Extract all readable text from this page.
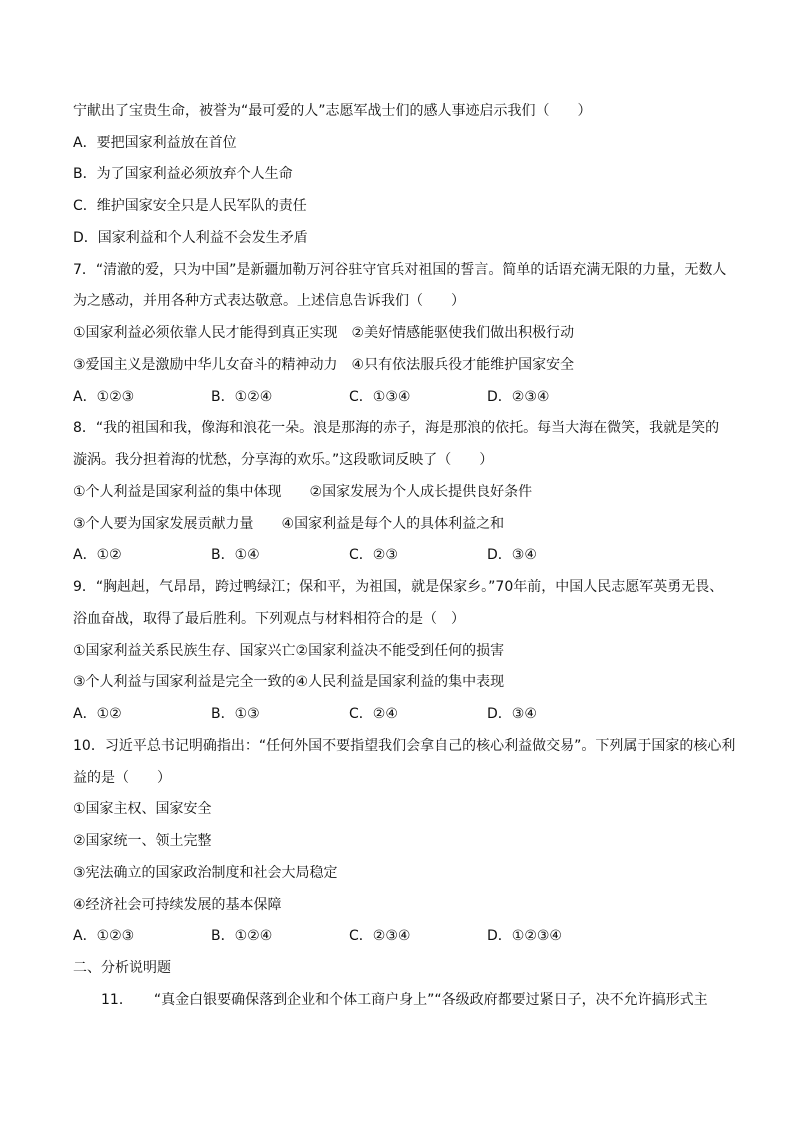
宁献出了宝贵生命，被誉为“最可爱的人”志愿军战士们的感人事迹启示我们（　　）
A．要把国家利益放在首位
B．为了国家利益必须放弃个人生命
C．维护国家安全只是人民军队的责任
D．国家利益和个人利益不会发生矛盾
7．“清澈的爱，只为中国”是新疆加勒万河谷驻守官兵对祖国的誓言。简单的话语充满无限的力量，无数人
为之感动，并用各种方式表达敬意。上述信息告诉我们（　　）
①国家利益必须依靠人民才能得到真正实现　②美好情感能驱使我们做出积极行动
③爱国主义是激励中华儿女奋斗的精神动力　④只有依法服兵役才能维护国家安全
A．①②③	B．①②④	C．①③④	D．②③④
8．“我的祖国和我，像海和浪花一朵。浪是那海的赤子，海是那浪的依托。每当大海在微笑，我就是笑的
漩涡。我分担着海的忧愁，分享海的欢乐。”这段歌词反映了（　　）
①个人利益是国家利益的集中体现　　②国家发展为个人成长提供良好条件
③个人要为国家发展贡献力量　　④国家利益是每个人的具体利益之和
A．①②	B．①④	C．②③	D．③④
9．“胸赳赳，气昂昂，跨过鸭绿江；保和平，为祖国，就是保家乡。”70年前，中国人民志愿军英勇无畏、
浴血奋战，取得了最后胜利。下列观点与材料相符合的是（　）
①国家利益关系民族生存、国家兴亡②国家利益决不能受到任何的损害
③个人利益与国家利益是完全一致的④人民利益是国家利益的集中表现
A．①②	B．①③	C．②④	D．③④
10．习近平总书记明确指出：“任何外国不要指望我们会拿自己的核心利益做交易”。下列属于国家的核心利
益的是（　　）
①国家主权、国家安全
②国家统一、领土完整
③宪法确立的国家政治制度和社会大局稳定
④经济社会可持续发展的基本保障
A．①②③	B．①②④	C．②③④	D．①②③④
二、分析说明题
　　11．　　“真金白银要确保落到企业和个体工商户身上”“各级政府都要过紧日子，决不允许搞形式主
